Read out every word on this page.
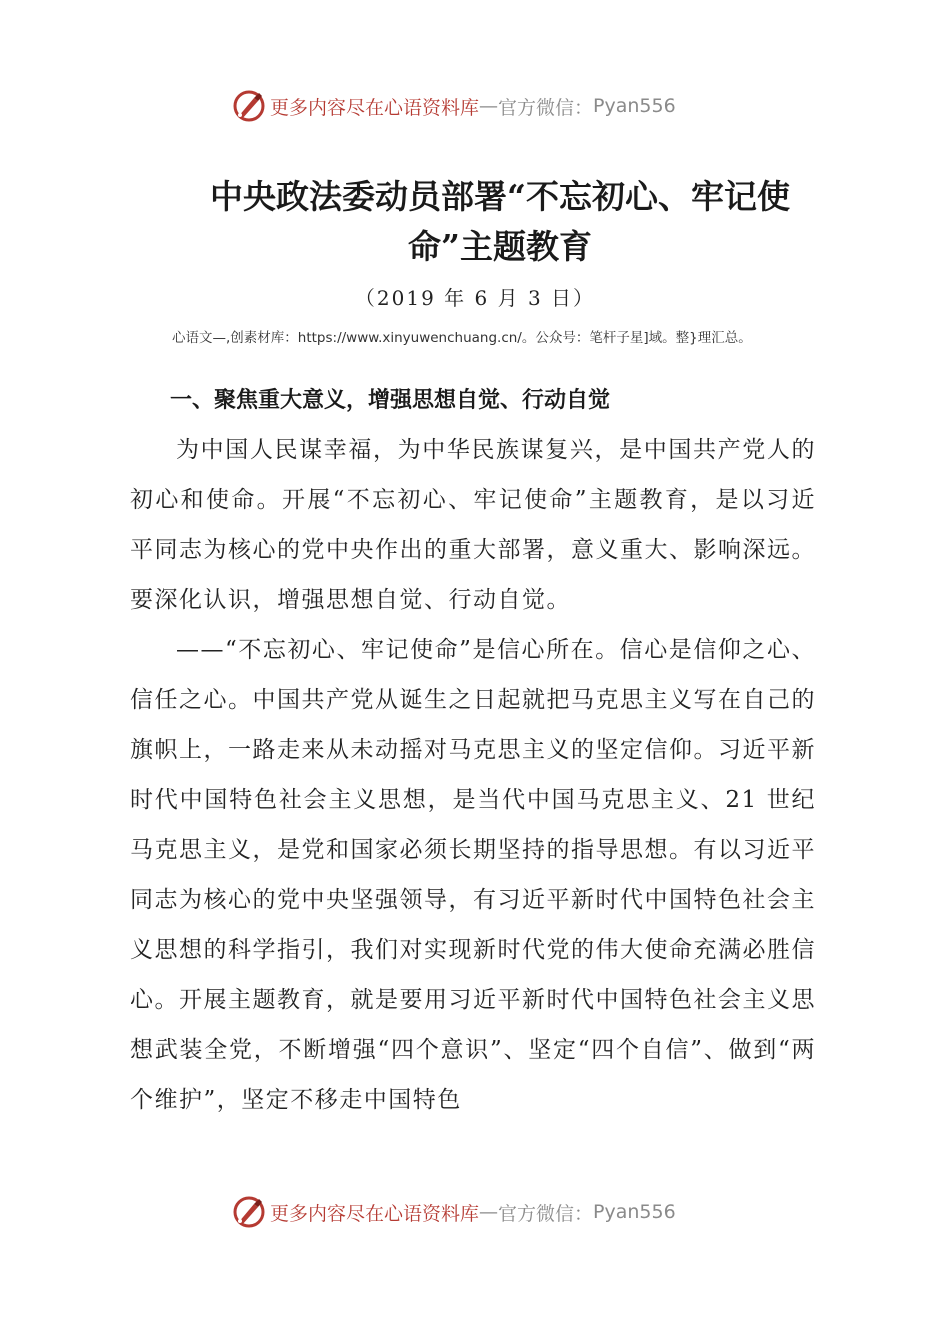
更多内容尽在心语资料库 — 官方微信： Pyan556
中央政法委动员部署“不忘初心、牢记使命”主题教育
（2019 年 6 月 3 日）
心语文—,创素材库：https://www.xinyuwenchuang.cn/。公众号：笔杆子星]域。整}理汇总。
一、聚焦重大意义，增强思想自觉、行动自觉

为中国人民谋幸福，为中华民族谋复兴，是中国共产党人的初心和使命。开展“不忘初心、牢记使命”主题教育，是以习近平同志为核心的党中央作出的重大部署，意义重大、影响深远。要深化认识，增强思想自觉、行动自觉。

——“不忘初心、牢记使命”是信心所在。信心是信仰之心、信任之心。中国共产党从诞生之日起就把马克思主义写在自己的旗帜上，一路走来从未动摇对马克思主义的坚定信仰。习近平新时代中国特色社会主义思想，是当代中国马克思主义、21 世纪马克思主义，是党和国家必须长期坚持的指导思想。有以习近平同志为核心的党中央坚强领导，有习近平新时代中国特色社会主义思想的科学指引，我们对实现新时代党的伟大使命充满必胜信心。开展主题教育，就是要用习近平新时代中国特色社会主义思想武装全党，不断增强“四个意识”、坚定“四个自信”、做到“两个维护”，坚定不移走中国特色

更多内容尽在心语资料库 — 官方微信： Pyan556
